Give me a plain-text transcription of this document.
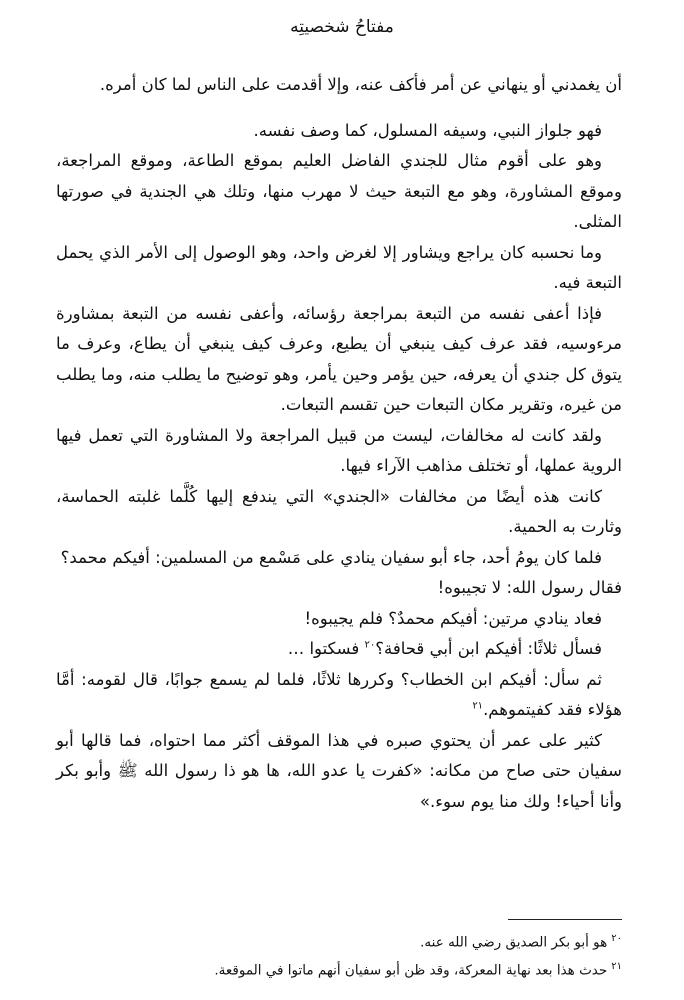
مفتاحُ شخصيتِه

أن يغمدني أو ينهاني عن أمر فأكف عنه، وإلا أقدمت على الناس لما كان أمره.

فهو جلواز النبي، وسيفه المسلول، كما وصف نفسه.

وهو على أقوم مثال للجندي الفاضل العليم بموقع الطاعة، وموقع المراجعة، وموقع المشاورة، وهو مع التبعة حيث لا مهرب منها، وتلك هي الجندية في صورتها المثلى.

وما نحسبه كان يراجع ويشاور إلا لغرض واحد، وهو الوصول إلى الأمر الذي يحمل التبعة فيه.

فإذا أعفى نفسه من التبعة بمراجعة رؤسائه، وأعفى نفسه من التبعة بمشاورة مرءوسيه، فقد عرف كيف ينبغي أن يطيع، وعرف كيف ينبغي أن يطاع، وعرف ما يتوق كل جندي أن يعرفه، حين يؤمر وحين يأمر، وهو توضيح ما يطلب منه، وما يطلب من غيره، وتقرير مكان التبعات حين تقسم التبعات.

ولقد كانت له مخالفات، ليست من قبيل المراجعة ولا المشاورة التي تعمل فيها الروية عملها، أو تختلف مذاهب الآراء فيها.

كانت هذه أيضًا من مخالفات «الجندي» التي يندفع إليها كُلَّما غلبته الحماسة، وثارت به الحمية.

فلما كان يومُ أحد، جاء أبو سفيان ينادي على مَسْمع من المسلمين: أفيكم محمد؟

فقال رسول الله: لا تجيبوه!

فعاد ينادي مرتين: أفيكم محمدٌ؟ فلم يجيبوه!

فسأل ثلاثًا: أفيكم ابن أبي قحافة؟$^{٢٠}$ فسكتوا …

ثم سأل: أفيكم ابن الخطاب؟ وكررها ثلاثًا، فلما لم يسمع جوابًا، قال لقومه: أمَّا هؤلاء فقد كفيتموهم.$^{٢١}$

كثير على عمر أن يحتوي صبره في هذا الموقف أكثر مما احتواه، فما قالها أبو سفيان حتى صاح من مكانه: «كفرت يا عدو الله، ها هو ذا رسول الله ﷺ وأبو بكر وأنا أحياء! ولك منا يوم سوء.»

$^{٢٠}$هو أبو بكر الصديق رضي الله عنه.

$^{٢١}$حدث هذا بعد نهاية المعركة، وقد ظن أبو سفيان أنهم ماتوا في الموقعة.
